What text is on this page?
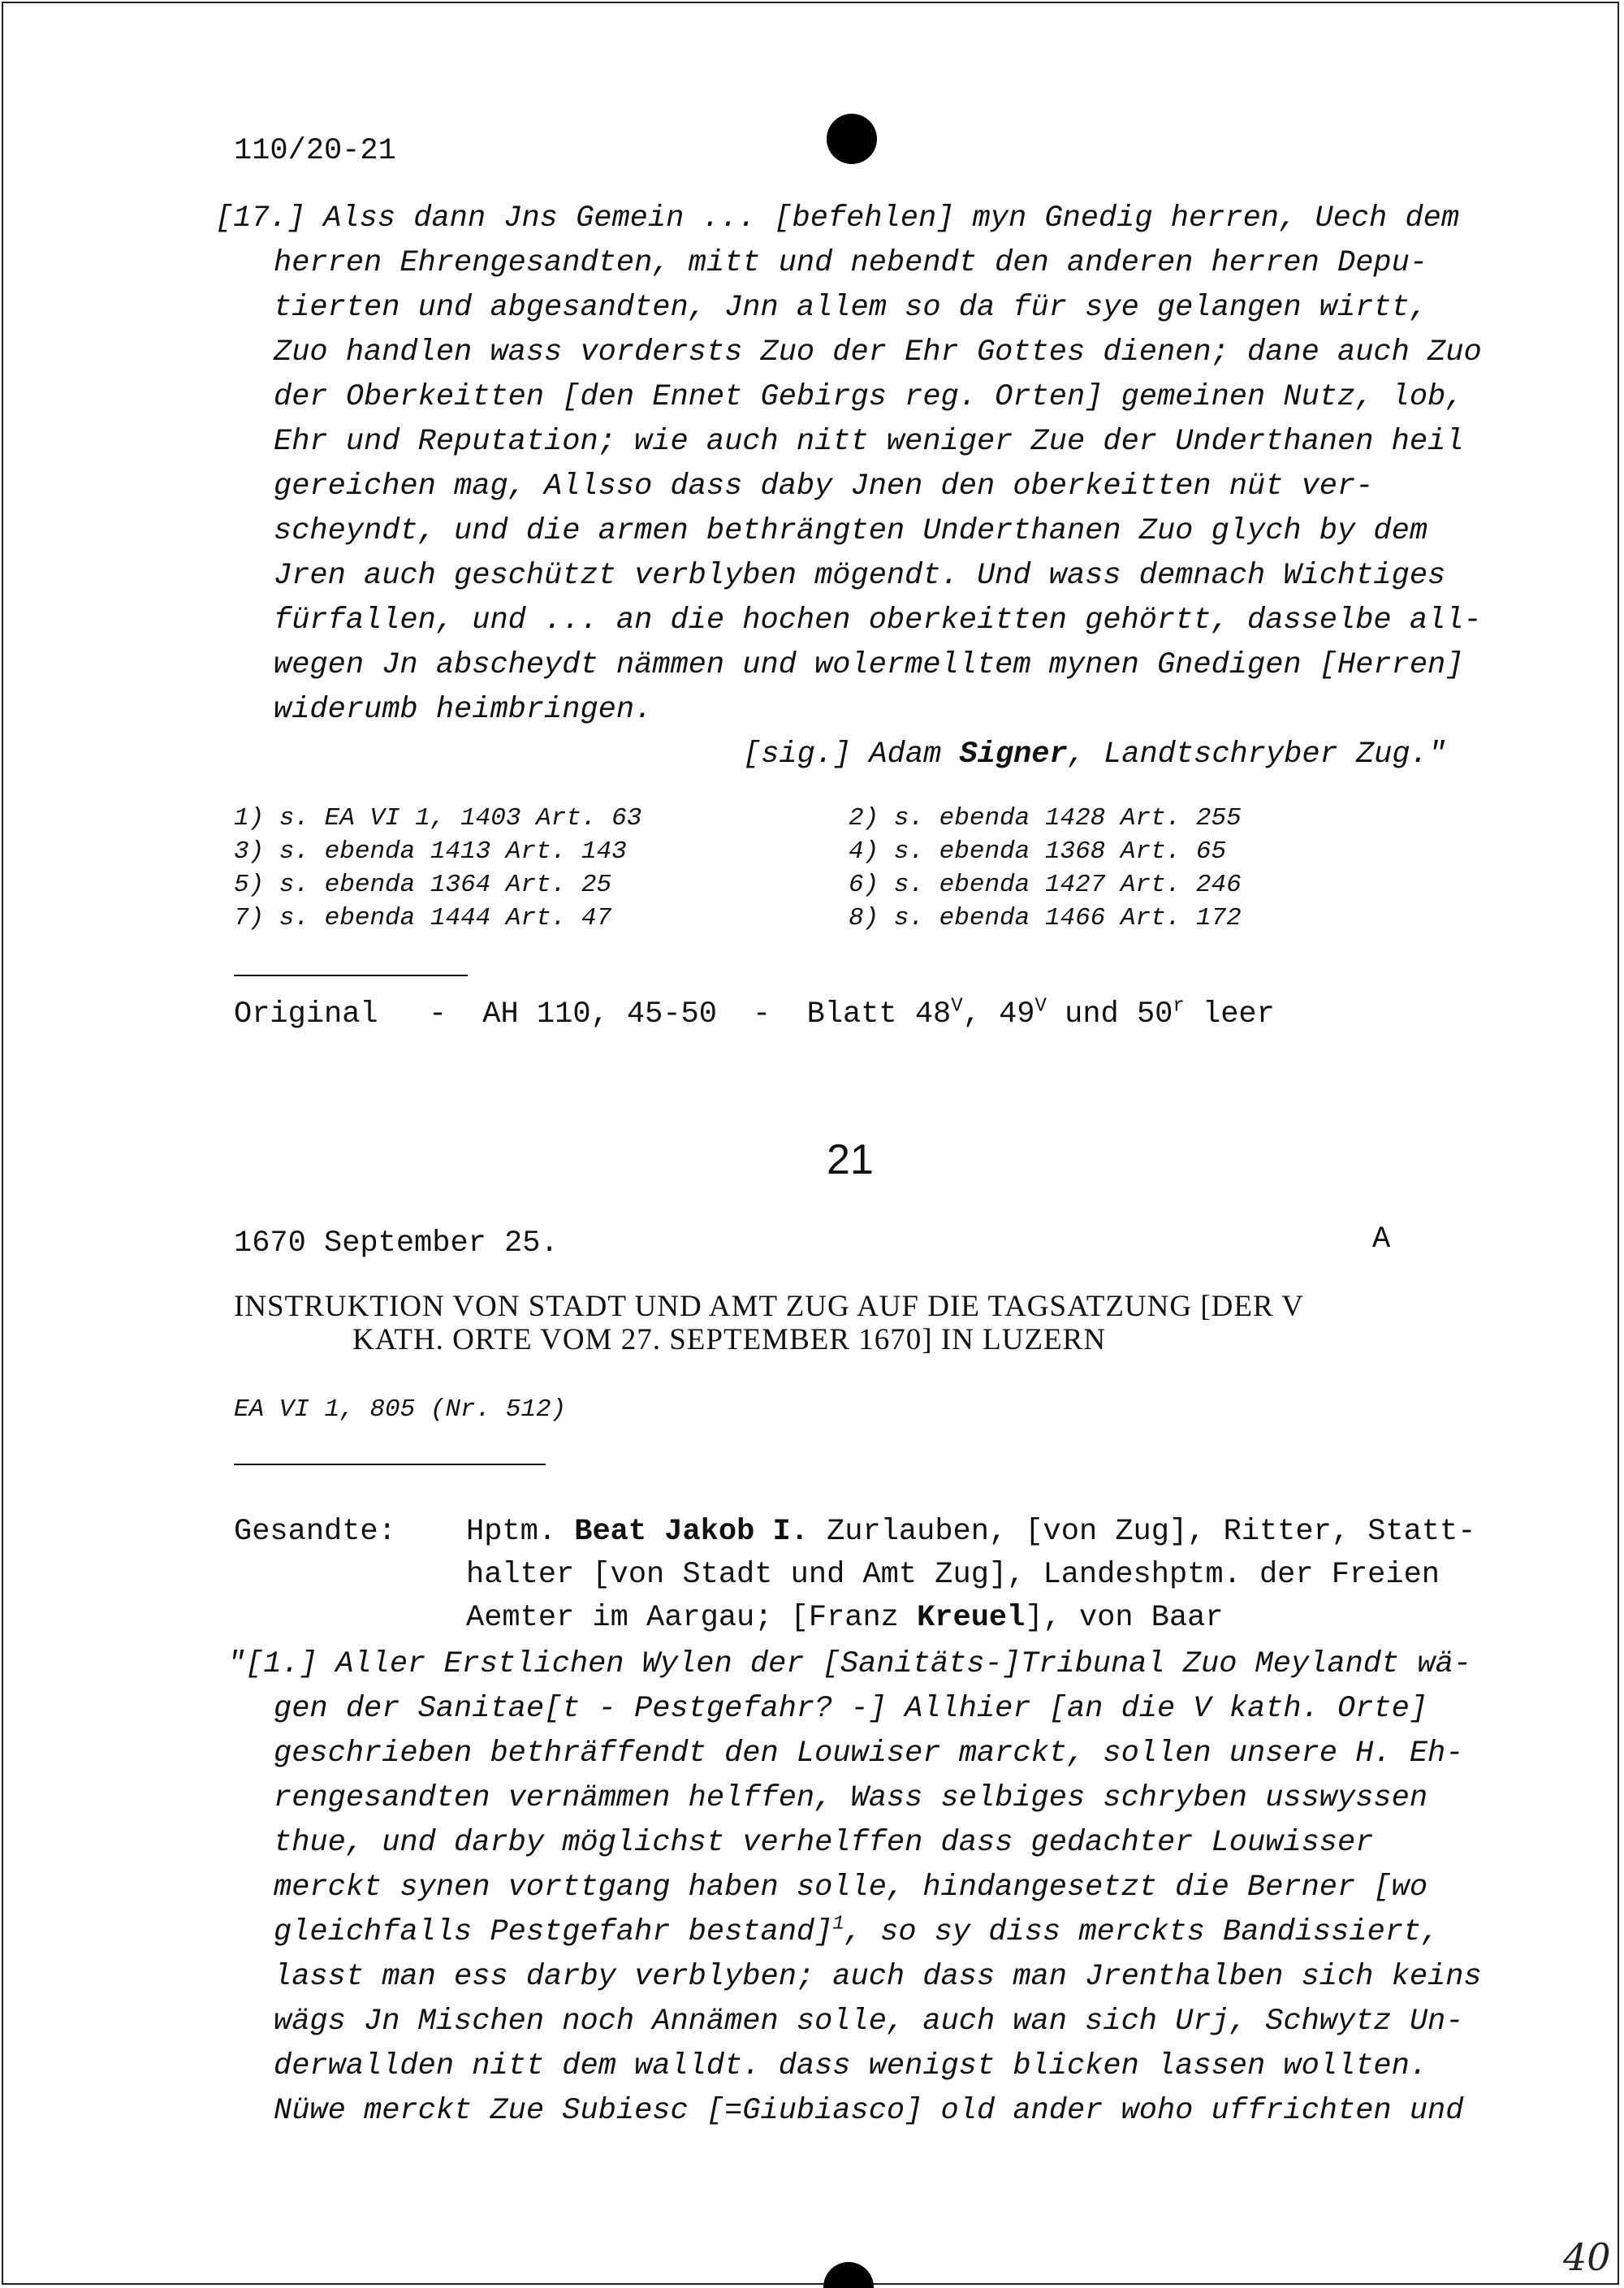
110/20-21
[17.] Alss dann Jns Gemein ... [befehlen] myn Gnedig herren, Uech dem
herren Ehrengesandten, mitt und nebendt den anderen herren Depu-
tierten und abgesandten, Jnn allem so da für sye gelangen wirtt,
Zuo handlen wass vordersts Zuo der Ehr Gottes dienen; dane auch Zuo
der Oberkeitten [den Ennet Gebirgs reg. Orten] gemeinen Nutz, lob,
Ehr und Reputation; wie auch nitt weniger Zue der Underthanen heil
gereichen mag, Allsso dass daby Jnen den oberkeitten nüt ver-
scheyndt, und die armen bethrängten Underthanen Zuo glych by dem
Jren auch geschützt verblyben mögendt. Und wass demnach Wichtiges
fürfallen, und ... an die hochen oberkeitten gehörtt, dasselbe all-
wegen Jn abscheydt nämmen und wolermelltem mynen Gnedigen [Herren]
widerumb heimbringen.
[sig.] Adam Signer, Landtschryber Zug."
1) s. EA VI 1, 1403 Art. 63	2) s. ebenda 1428 Art. 255
3) s. ebenda 1413 Art. 143	4) s. ebenda 1368 Art. 65
5) s. ebenda 1364 Art. 25	6) s. ebenda 1427 Art. 246
7) s. ebenda 1444 Art. 47	8) s. ebenda 1466 Art. 172
Original - AH 110, 45-50 - Blatt $48^V$, $49^V$ und 50$^r$ leer
21
1670 September 25.	A
INSTRUKTION VON STADT UND AMT ZUG AUF DIE TAGSATZUNG [DER V
KATH. ORTE VOM 27. SEPTEMBER 1670] IN LUZERN
EA VI 1, 805 (Nr. 512)
Gesandte: Hptm. Beat Jakob I. Zurlauben, [von Zug], Ritter, Statt-
halter [von Stadt und Amt Zug], Landeshptm. der Freien
Aemter im Aargau; [Franz Kreuel], von Baar
"[1.] Aller Erstlichen Wylen der [Sanitäts-]Tribunal Zuo Meylandt wä-
gen der Sanitae[t - Pestgefahr? -] Allhier [an die V kath. Orte]
geschrieben bethräffendt den Louwiser marckt, sollen unsere H. Eh-
rengesandten vernämmen helffen, Wass selbiges schryben usswyssen
thue, und darby möglichst verhelffen dass gedachter Louwisser
merckt synen vorttgang haben solle, hindangesetzt die Berner [wo
gleichfalls Pestgefahr bestand]$^1$, so sy diss merckts Bandissiert,
lasst man ess darby verblyben; auch dass man Jrenthalben sich keins
wägs Jn Mischen noch Annämen solle, auch wan sich Urj, Schwytz Un-
derwallden nitt dem walldt. dass wenigst blicken lassen wollten.
Nüwe merckt Zue Subiesc [=Giubiasco] old ander woho uffrichten und
40
